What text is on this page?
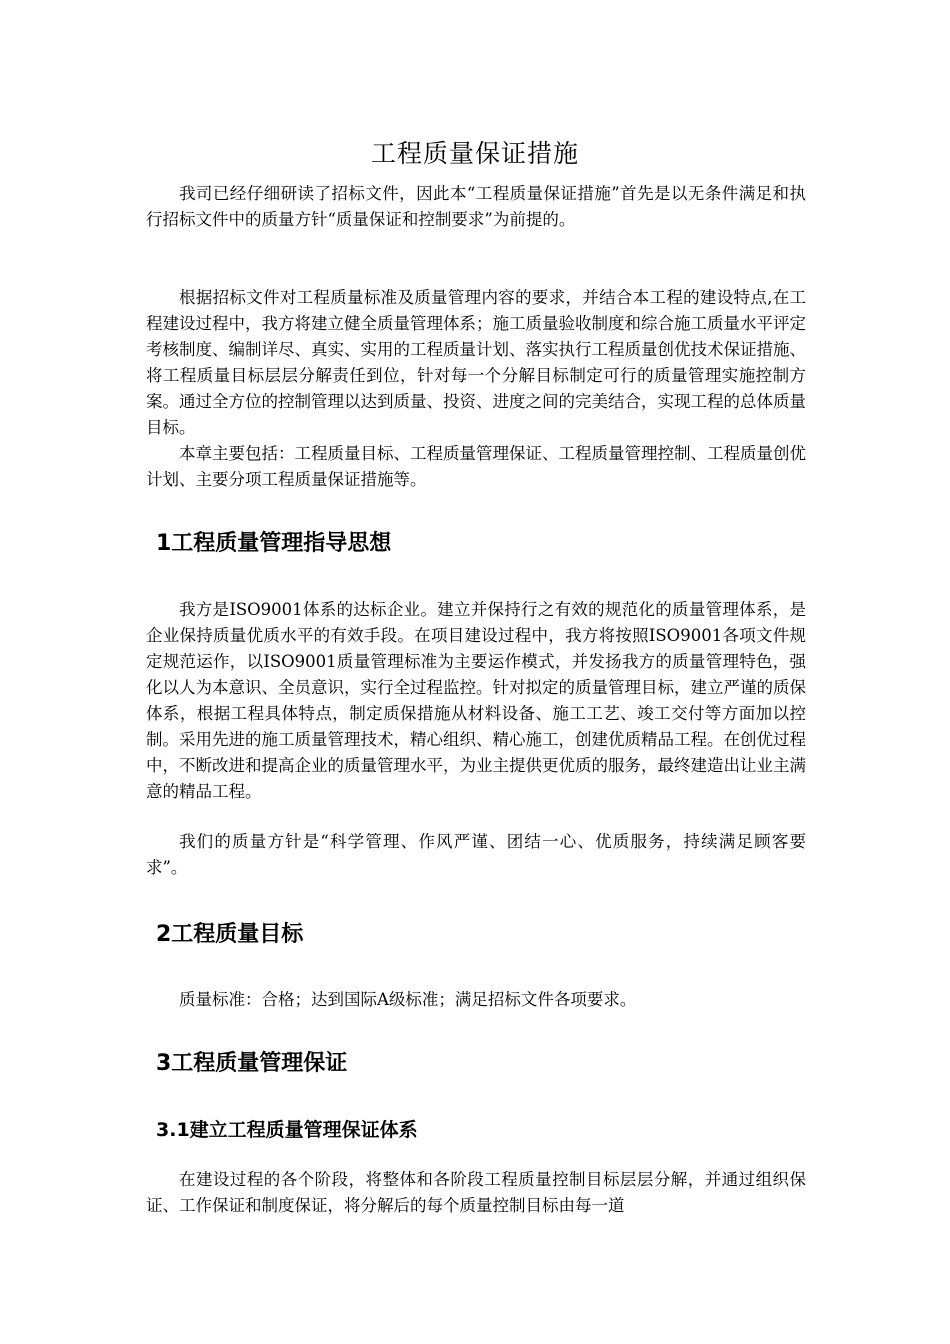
工程质量保证措施

我司已经仔细研读了招标文件，因此本“工程质量保证措施”首先是以无条件满足和执行招标文件中的质量方针“质量保证和控制要求”为前提的。

根据招标文件对工程质量标准及质量管理内容的要求，并结合本工程的建设特点,在工程建设过程中，我方将建立健全质量管理体系；施工质量验收制度和综合施工质量水平评定考核制度、编制详尽、真实、实用的工程质量计划、落实执行工程质量创优技术保证措施、将工程质量目标层层分解责任到位，针对每一个分解目标制定可行的质量管理实施控制方案。通过全方位的控制管理以达到质量、投资、进度之间的完美结合，实现工程的总体质量目标。

本章主要包括：工程质量目标、工程质量管理保证、工程质量管理控制、工程质量创优计划、主要分项工程质量保证措施等。

1工程质量管理指导思想

我方是ISO9001体系的达标企业。建立并保持行之有效的规范化的质量管理体系，是企业保持质量优质水平的有效手段。在项目建设过程中，我方将按照ISO9001各项文件规定规范运作，以ISO9001质量管理标准为主要运作模式，并发扬我方的质量管理特色，强化以人为本意识、全员意识，实行全过程监控。针对拟定的质量管理目标，建立严谨的质保体系，根据工程具体特点，制定质保措施从材料设备、施工工艺、竣工交付等方面加以控制。采用先进的施工质量管理技术，精心组织、精心施工，创建优质精品工程。在创优过程中，不断改进和提高企业的质量管理水平，为业主提供更优质的服务，最终建造出让业主满意的精品工程。

我们的质量方针是“科学管理、作风严谨、团结一心、优质服务，持续满足顾客要求”。

2工程质量目标

质量标准：合格；达到国际A级标准；满足招标文件各项要求。

3工程质量管理保证
3.1建立工程质量管理保证体系

在建设过程的各个阶段，将整体和各阶段工程质量控制目标层层分解，并通过组织保证、工作保证和制度保证，将分解后的每个质量控制目标由每一道
